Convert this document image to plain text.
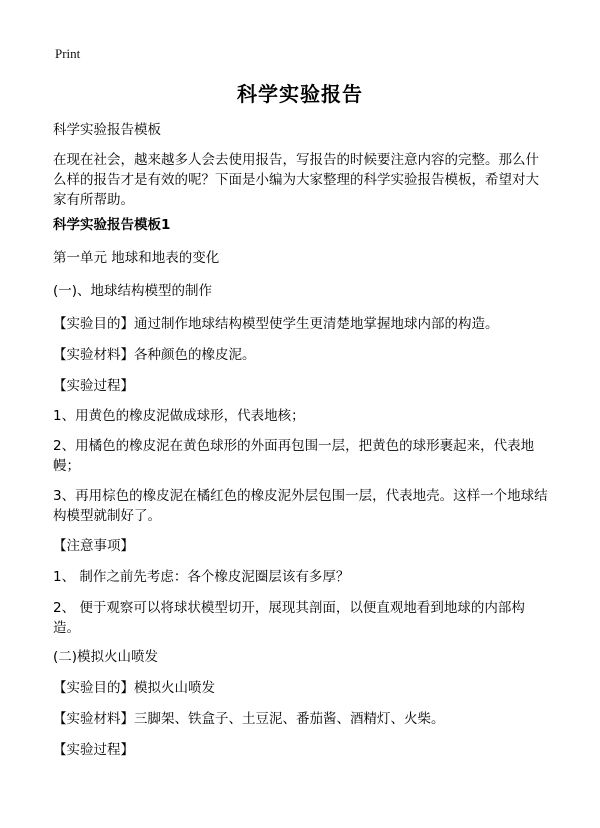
Print
科学实验报告
科学实验报告模板
在现在社会，越来越多人会去使用报告，写报告的时候要注意内容的完整。那么什么样的报告才是有效的呢？下面是小编为大家整理的科学实验报告模板，希望对大家有所帮助。
科学实验报告模板1
第一单元 地球和地表的变化
(一)、地球结构模型的制作
【实验目的】通过制作地球结构模型使学生更清楚地掌握地球内部的构造。
【实验材料】各种颜色的橡皮泥。
【实验过程】
1、用黄色的橡皮泥做成球形，代表地核；
2、用橘色的橡皮泥在黄色球形的外面再包围一层，把黄色的球形裹起来，代表地幔；
3、再用棕色的橡皮泥在橘红色的橡皮泥外层包围一层，代表地壳。这样一个地球结构模型就制好了。
【注意事项】
1、 制作之前先考虑：各个橡皮泥圈层该有多厚？
2、 便于观察可以将球状模型切开，展现其剖面，以便直观地看到地球的内部构造。
(二)模拟火山喷发
【实验目的】模拟火山喷发
【实验材料】三脚架、铁盒子、土豆泥、番茄酱、酒精灯、火柴。
【实验过程】
